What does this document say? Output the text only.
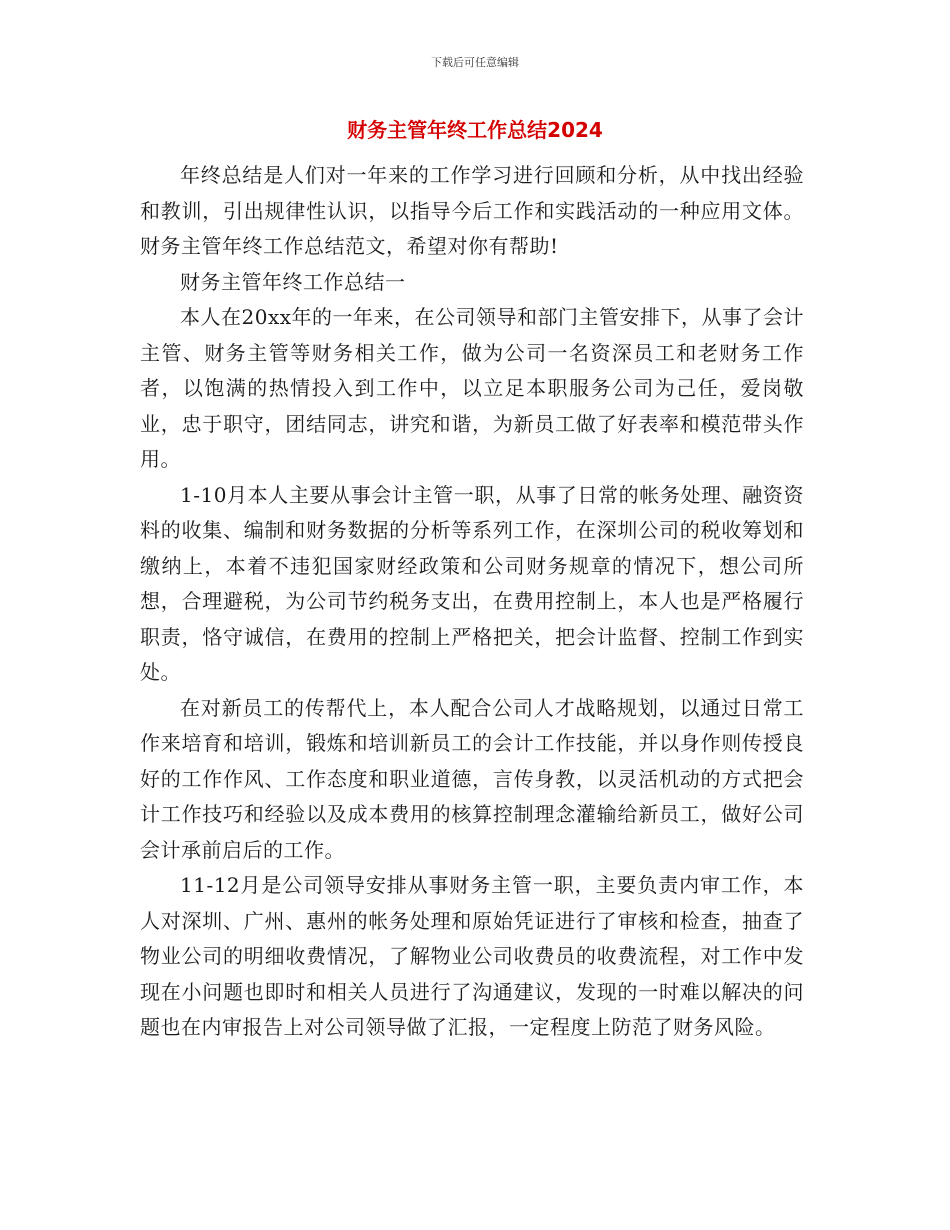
下载后可任意编辑
财务主管年终工作总结2024

年终总结是人们对一年来的工作学习进行回顾和分析，从中找出经验和教训，引出规律性认识，以指导今后工作和实践活动的一种应用文体。财务主管年终工作总结范文，希望对你有帮助!

财务主管年终工作总结一

本人在20xx年的一年来，在公司领导和部门主管安排下，从事了会计主管、财务主管等财务相关工作，做为公司一名资深员工和老财务工作者，以饱满的热情投入到工作中，以立足本职服务公司为己任，爱岗敬业，忠于职守，团结同志，讲究和谐，为新员工做了好表率和模范带头作用。

1-10月本人主要从事会计主管一职，从事了日常的帐务处理、融资资料的收集、编制和财务数据的分析等系列工作，在深圳公司的税收筹划和缴纳上，本着不违犯国家财经政策和公司财务规章的情况下，想公司所想，合理避税，为公司节约税务支出，在费用控制上，本人也是严格履行职责，恪守诚信，在费用的控制上严格把关，把会计监督、控制工作到实处。

在对新员工的传帮代上，本人配合公司人才战略规划，以通过日常工作来培育和培训，锻炼和培训新员工的会计工作技能，并以身作则传授良好的工作作风、工作态度和职业道德，言传身教，以灵活机动的方式把会计工作技巧和经验以及成本费用的核算控制理念灌输给新员工，做好公司会计承前启后的工作。

11-12月是公司领导安排从事财务主管一职，主要负责内审工作，本人对深圳、广州、惠州的帐务处理和原始凭证进行了审核和检查，抽查了物业公司的明细收费情况，了解物业公司收费员的收费流程，对工作中发现在小问题也即时和相关人员进行了沟通建议，发现的一时难以解决的问题也在内审报告上对公司领导做了汇报，一定程度上防范了财务风险。
